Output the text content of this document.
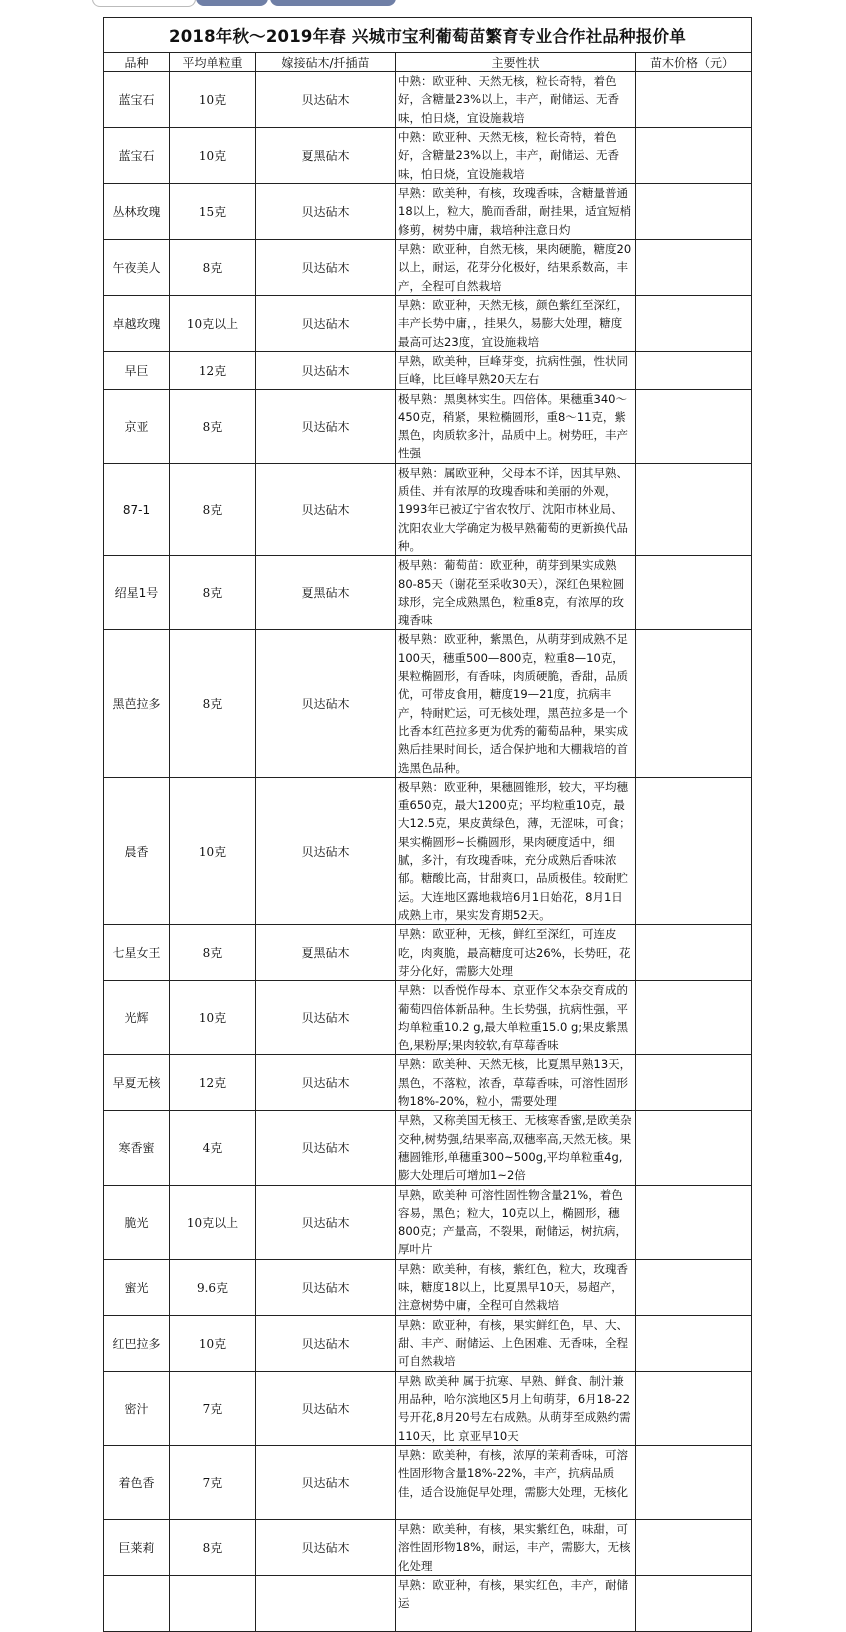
2018年秋～2019年春 兴城市宝利葡萄苗繁育专业合作社品种报价单				
品种	平均单粒重	嫁接砧木/扦插苗	主要性状	苗木价格（元）
蓝宝石	10克	贝达砧木	中熟：欧亚种、天然无核，粒长奇特，着色好，含糖量23%以上，丰产，耐储运、无香味，怕日烧，宜设施栽培	
蓝宝石	10克	夏黑砧木	中熟：欧亚种、天然无核，粒长奇特，着色好，含糖量23%以上，丰产，耐储运、无香味，怕日烧，宜设施栽培	
丛林玫瑰	15克	贝达砧木	早熟：欧美种，有核，玫瑰香味，含糖量普通18以上，粒大，脆而香甜，耐挂果，适宜短梢修剪，树势中庸，栽培种注意日灼	
午夜美人	8克	贝达砧木	早熟：欧亚种，自然无核，果肉硬脆，糖度20以上，耐运，花芽分化极好，结果系数高，丰产，全程可自然栽培	
卓越玫瑰	10克以上	贝达砧木	早熟：欧亚种，天然无核，颜色紫红至深红，丰产长势中庸，，挂果久，易膨大处理，糖度最高可达23度，宜设施栽培	
早巨	12克	贝达砧木	早熟，欧美种，巨峰芽变，抗病性强，性状同巨峰，比巨峰早熟20天左右	
京亚	8克	贝达砧木	极早熟：黑奥林实生。四倍体。果穗重340～450克，稍紧，果粒椭圆形，重8～11克，紫黑色，肉质软多汁，品质中上。树势旺，丰产性强	
87-1	8克	贝达砧木	极早熟：属欧亚种，父母本不详，因其早熟、质佳、并有浓厚的玫瑰香味和美丽的外观，1993年已被辽宁省农牧厅、沈阳市林业局、沈阳农业大学确定为极早熟葡萄的更新换代品种。	
绍星1号	8克	夏黑砧木	极早熟：葡萄苗：欧亚种，萌芽到果实成熟80-85天（谢花至采收30天），深红色果粒圆球形，完全成熟黑色，粒重8克，有浓厚的玫瑰香味	
黑芭拉多	8克	贝达砧木	极早熟：欧亚种，紫黑色，从萌芽到成熟不足100天，穗重500—800克，粒重8—10克，果粒椭圆形，有香味，肉质硬脆，香甜，品质优，可带皮食用，糖度19—21度，抗病丰产，特耐贮运，可无核处理，黑芭拉多是一个比香本红芭拉多更为优秀的葡萄品种，果实成熟后挂果时间长，适合保护地和大棚栽培的首选黑色品种。	
晨香	10克	贝达砧木	极早熟：欧亚种，果穗圆锥形，较大，平均穗重650克，最大1200克；平均粒重10克，最大12.5克，果皮黄绿色，薄，无涩味，可食；果实椭圆形~长椭圆形，果肉硬度适中，细腻，多汁，有玫瑰香味，充分成熟后香味浓郁。糖酸比高，甘甜爽口，品质极佳。较耐贮运。大连地区露地栽培6月1日始花，8月1日成熟上市，果实发育期52天。	
七星女王	8克	夏黑砧木	早熟：欧亚种，无核，鲜红至深红，可连皮吃，肉爽脆，最高糖度可达26%，长势旺，花芽分化好，需膨大处理	
光辉	10克	贝达砧木	早熟：以香悦作母本、京亚作父本杂交育成的葡萄四倍体新品种。生长势强，抗病性强，平均单粒重10.2 g,最大单粒重15.0 g;果皮紫黑色,果粉厚;果肉较软,有草莓香味	
早夏无核	12克	贝达砧木	早熟：欧美种、天然无核，比夏黑早熟13天，黑色，不落粒，浓香，草莓香味，可溶性固形物18%-20%，粒小，需要处理	
寒香蜜	4克	贝达砧木	早熟，又称美国无核王、无核寒香蜜,是欧美杂交种,树势强,结果率高,双穗率高,天然无核。果穗圆锥形,单穗重300~500g,平均单粒重4g,膨大处理后可增加1~2倍	
脆光	10克以上	贝达砧木	早熟，欧美种 可溶性固性物含量21%，着色容易，黑色；粒大，10克以上，椭圆形，穗800克；产量高，不裂果，耐储运，树抗病，厚叶片	
蜜光	9.6克	贝达砧木	早熟：欧美种，有核，紫红色，粒大，玫瑰香味，糖度18以上，比夏黑早10天，易超产，注意树势中庸，全程可自然栽培	
红巴拉多	10克	贝达砧木	早熟：欧亚种，有核，果实鲜红色，早、大、甜、丰产、耐储运、上色困难、无香味，全程可自然栽培	
密汁	7克	贝达砧木	早熟 欧美种 属于抗寒、早熟、鲜食、制汁兼用品种，哈尔滨地区5月上旬萌芽，6月18-22号开花,8月20号左右成熟。从萌芽至成熟约需110天，比 京亚早10天	
着色香	7克	贝达砧木	早熟：欧美种，有核，浓厚的茉莉香味，可溶性固形物含量18%-22%，丰产，抗病品质佳，适合设施促早处理，需膨大处理，无核化	
巨莱莉	8克	贝达砧木	早熟：欧美种，有核，果实紫红色，味甜，可溶性固形物18%，耐运，丰产，需膨大，无核化处理	
			早熟：欧亚种，有核，果实红色，丰产，耐储运	
